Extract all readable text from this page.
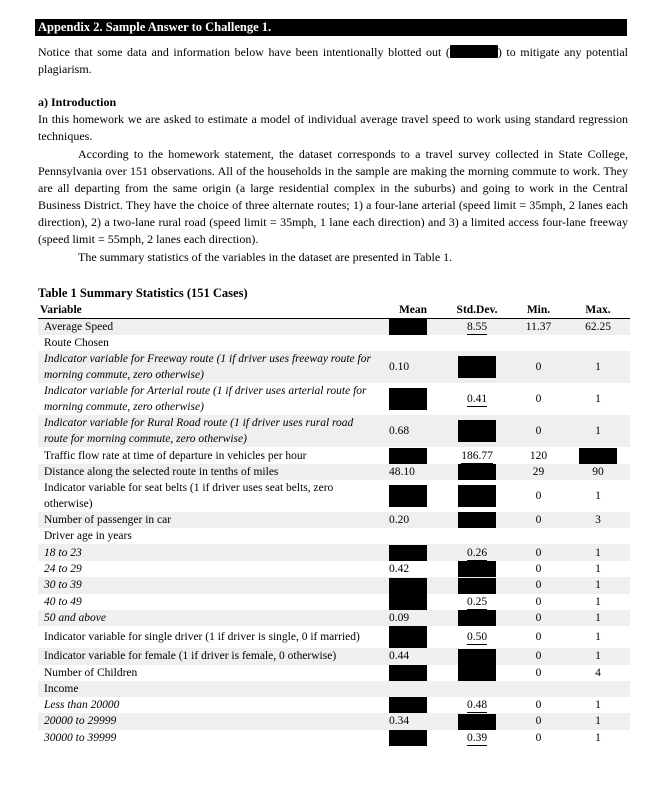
Appendix 2. Sample Answer to Challenge 1.
Notice that some data and information below have been intentionally blotted out (	) to mitigate any potential plagiarism.
a) Introduction
In this homework we are asked to estimate a model of individual average travel speed to work using standard regression techniques.
According to the homework statement, the dataset corresponds to a travel survey collected in State College, Pennsylvania over 151 observations. All of the households in the sample are making the morning commute to work. They are all departing from the same origin (a large residential complex in the suburbs) and going to work in the Central Business District. They have the choice of three alternate routes; 1) a four-lane arterial (speed limit = 35mph, 2 lanes each direction), 2) a two-lane rural road (speed limit = 35mph, 1 lane each direction) and 3) a limited access four-lane freeway (speed limit = 55mph, 2 lanes each direction).
The summary statistics of the variables in the dataset are presented in Table 1.
Table 1 Summary Statistics (151 Cases)
Variable	Mean	Std.Dev.	Min.	Max.
Average Speed		8.55	11.37	62.25
Route Chosen				
Indicator variable for Freeway route (1 if driver uses freeway route for morning commute, zero otherwise)	0.10		0	1
Indicator variable for Arterial route (1 if driver uses arterial route for morning commute, zero otherwise)		0.41	0	1
Indicator variable for Rural Road route (1 if driver uses rural road route for morning commute, zero otherwise)	0.68		0	1
Traffic flow rate at time of departure in vehicles per hour		186.77	120	
Distance along the selected route in tenths of miles	48.10		29	90
Indicator variable for seat belts (1 if driver uses seat belts, zero otherwise)			0	1
Number of passenger in car	0.20		0	3
Driver age in years				
18 to 23		0.26	0	1
24 to 29	0.42		0	1
30 to 39			0	1
40 to 49		0.25	0	1
50 and above	0.09		0	1
Indicator variable for single driver (1 if driver is single, 0 if married)		0.50	0	1
Indicator variable for female (1 if driver is female, 0 otherwise)	0.44		0	1
Number of Children			0	4
Income				
Less than 20000		0.48	0	1
20000 to 29999	0.34		0	1
30000 to 39999		0.39	0	1
